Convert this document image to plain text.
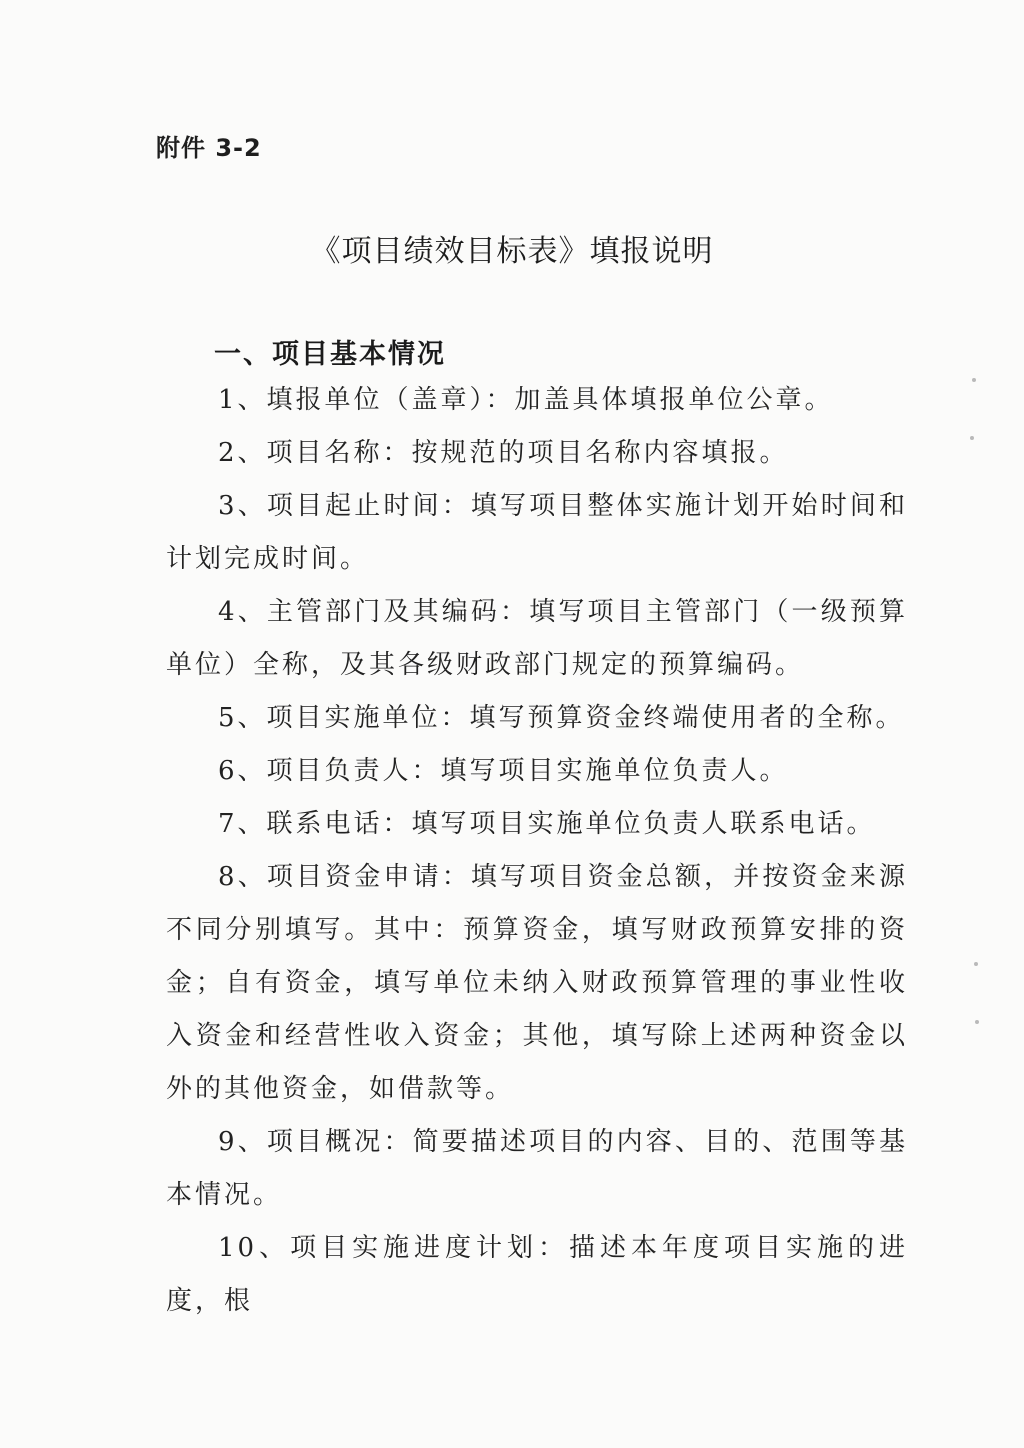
附件 3-2
《项目绩效目标表》填报说明
一、项目基本情况

1、填报单位（盖章）：加盖具体填报单位公章。

2、项目名称：按规范的项目名称内容填报。

3、项目起止时间：填写项目整体实施计划开始时间和计划完成时间。

4、主管部门及其编码：填写项目主管部门（一级预算单位）全称，及其各级财政部门规定的预算编码。

5、项目实施单位：填写预算资金终端使用者的全称。

6、项目负责人：填写项目实施单位负责人。

7、联系电话：填写项目实施单位负责人联系电话。

8、项目资金申请：填写项目资金总额，并按资金来源不同分别填写。其中：预算资金，填写财政预算安排的资金；自有资金，填写单位未纳入财政预算管理的事业性收入资金和经营性收入资金；其他，填写除上述两种资金以外的其他资金，如借款等。

9、项目概况：简要描述项目的内容、目的、范围等基本情况。

10、项目实施进度计划：描述本年度项目实施的进度，根
